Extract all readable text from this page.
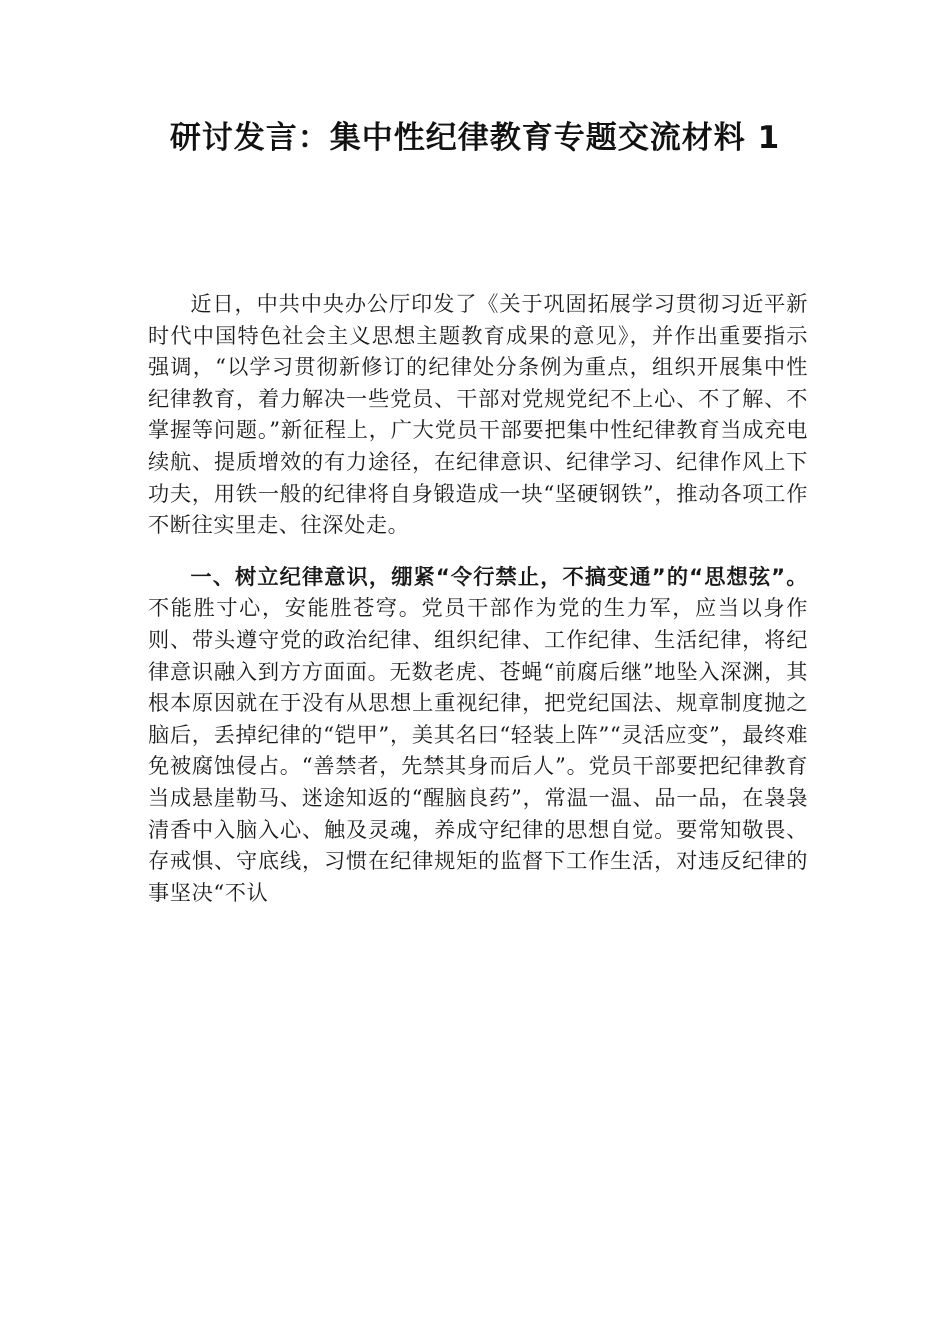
研讨发言：集中性纪律教育专题交流材料 1

近日，中共中央办公厅印发了《关于巩固拓展学习贯彻习近平新时代中国特色社会主义思想主题教育成果的意见》，并作出重要指示强调，“以学习贯彻新修订的纪律处分条例为重点，组织开展集中性纪律教育，着力解决一些党员、干部对党规党纪不上心、不了解、不掌握等问题。”新征程上，广大党员干部要把集中性纪律教育当成充电续航、提质增效的有力途径，在纪律意识、纪律学习、纪律作风上下功夫，用铁一般的纪律将自身锻造成一块“坚硬钢铁”，推动各项工作不断往实里走、往深处走。

一、树立纪律意识，绷紧“令行禁止，不搞变通”的“思想弦”。不能胜寸心，安能胜苍穹。党员干部作为党的生力军，应当以身作则、带头遵守党的政治纪律、组织纪律、工作纪律、生活纪律，将纪律意识融入到方方面面。无数老虎、苍蝇“前腐后继”地坠入深渊，其根本原因就在于没有从思想上重视纪律，把党纪国法、规章制度抛之脑后，丢掉纪律的“铠甲”，美其名曰“轻装上阵”“灵活应变”，最终难免被腐蚀侵占。“善禁者，先禁其身而后人”。党员干部要把纪律教育当成悬崖勒马、迷途知返的“醒脑良药”，常温一温、品一品，在袅袅清香中入脑入心、触及灵魂，养成守纪律的思想自觉。要常知敬畏、存戒惧、守底线，习惯在纪律规矩的监督下工作生活，对违反纪律的事坚决“不认
